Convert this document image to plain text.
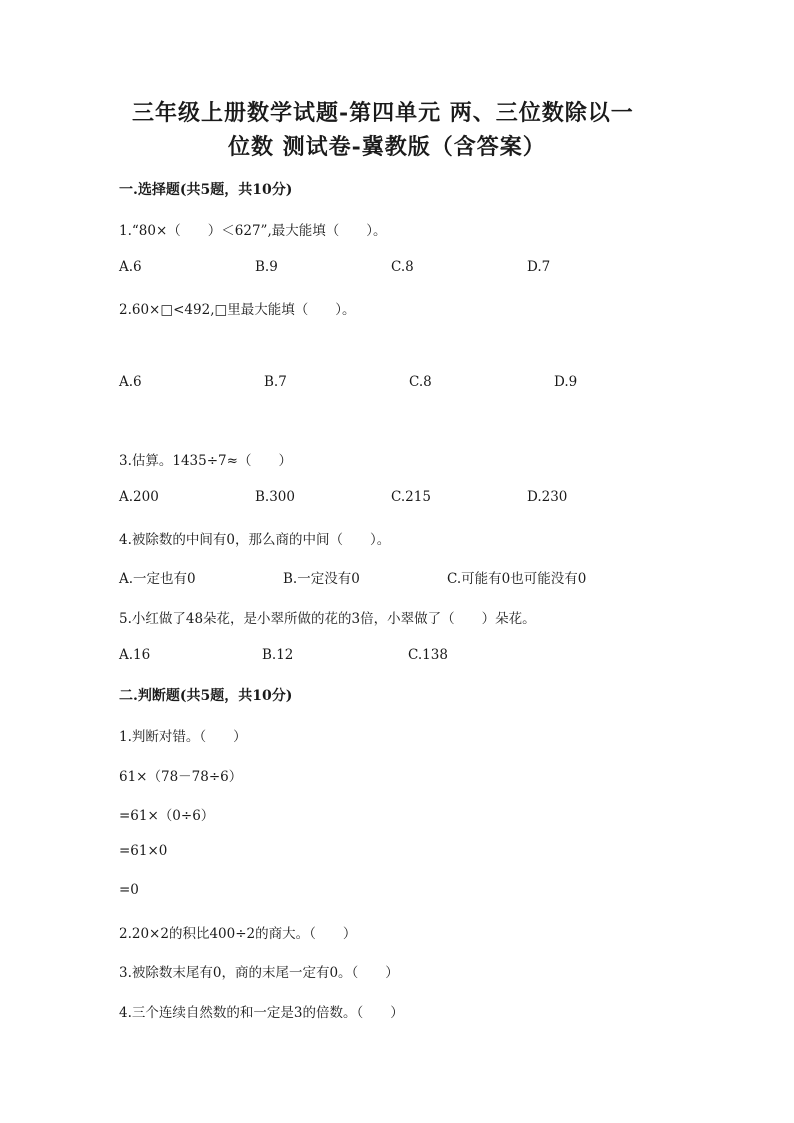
三年级上册数学试题-第四单元 两、三位数除以一
位数 测试卷-冀教版（含答案）
一.选择题(共5题，共10分)
1.“80×（　　）＜627”,最大能填（　　）。
A.6	B.9	C.8	D.7
2.60×□<492,□里最大能填（　　）。
A.6	B.7	C.8	D.9
3.估算。1435÷7≈（　　）
A.200	B.300	C.215	D.230
4.被除数的中间有0，那么商的中间（　　）。
A.一定也有0	B.一定没有0	C.可能有0也可能没有0
5.小红做了48朵花，是小翠所做的花的3倍，小翠做了（　　）朵花。
A.16	B.12	C.138
二.判断题(共5题，共10分)
1.判断对错。（　　）
61×（78－78÷6）
=61×（0÷6）
=61×0
=0
2.20×2的积比400÷2的商大。（　　）
3.被除数末尾有0，商的末尾一定有0。（　　）
4.三个连续自然数的和一定是3的倍数。（　　）
